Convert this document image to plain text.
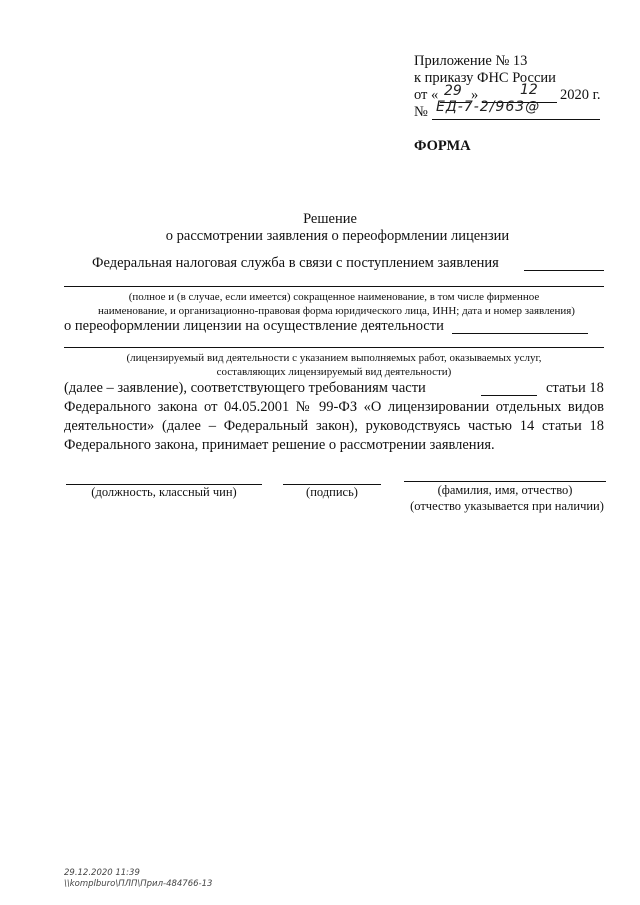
Приложение № 13
к приказу ФНС России
от « 29 »	12 2020 г.
№ ЕД-7-2/963@
ФОРМА
Решение
о рассмотрении заявления о переоформлении лицензии
Федеральная налоговая служба в связи с поступлением заявления
(полное и (в случае, если имеется) сокращенное наименование, в том числе фирменное
наименование, и организационно-правовая форма юридического лица, ИНН; дата и номер заявления)
о переоформлении лицензии на осуществление деятельности
(лицензируемый вид деятельности с указанием выполняемых работ, оказываемых услуг,
составляющих лицензируемый вид деятельности)
(далее – заявление), соответствующего требованиям части	статьи 18
Федерального закона от 04.05.2001 № 99-ФЗ «О лицензировании отдельных видов
деятельности» (далее – Федеральный закон), руководствуясь частью 14 статьи 18
Федерального закона, принимает решение о рассмотрении заявления.
(должность, классный чин)	(подпись)	(фамилия, имя, отчество)
(отчество указывается при наличии)
29.12.2020 11:39
\\komplburo\ПЛП\Прил-484766-13
